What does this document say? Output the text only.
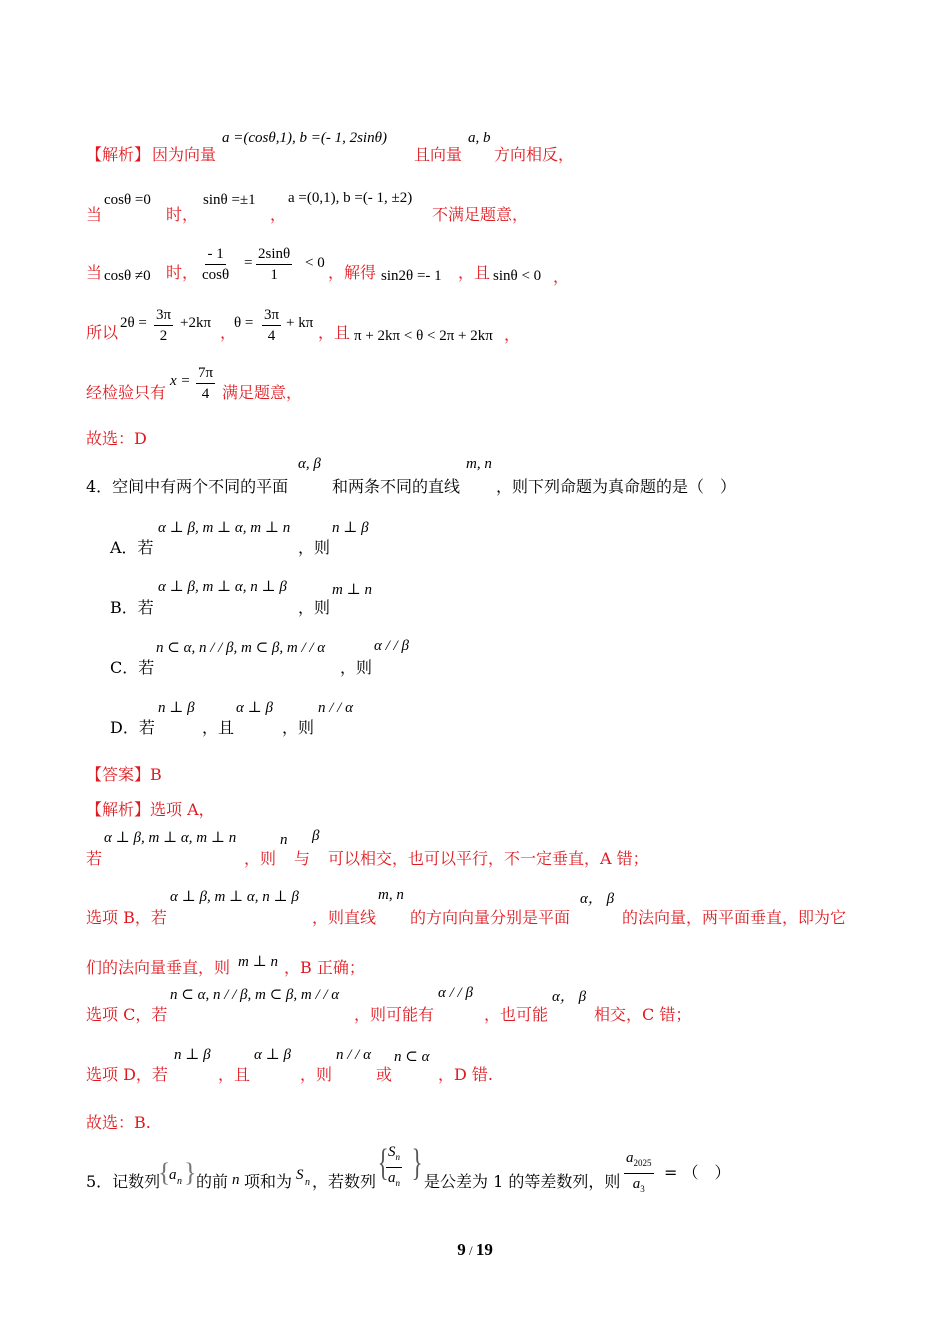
【解析】 因为向量
a =(cosθ,1), b =(- 1, 2sinθ)
且向量
a, b
方向相反，
当
cosθ =0
时，
sinθ =±1
，
a =(0,1), b =(- 1, ±2)
不满足题意，
当 cosθ ≠0 时， $\frac{- 1}{\cos\theta} = \frac{2\sin\theta}{1} < 0$ ，解得 sin2θ =- 1 ，且 sinθ < 0 ，
所以 $2\theta = \frac{3\pi}{2} +2k\pi$ ，
$\theta = \frac{3\pi}{4} + k\pi$ ，且 π + 2kπ < θ < 2π + 2kπ ，
经检验只有
$x = \frac{7\pi}{4}$ 满足题意，
故选：D
4．空间中有两个不同的平面
α, β
和两条不同的直线
m, n
，则下列命题为真命题的是（　）
A．若
α ⊥ β, m ⊥ α, m ⊥ n
，则
n ⊥ β
B．若
α ⊥ β, m ⊥ α, n ⊥ β
，则
m ⊥ n
C．若
n ⊂ α, n / / β, m ⊂ β, m / / α
，则
α / / β
D．若
n ⊥ β
，且
α ⊥ β
，则
n / / α
【答案】B
【解析】选项 A，
若
α ⊥ β, m ⊥ α, m ⊥ n
，则
n
与
β
可以相交，也可以平行，不一定垂直，A 错；
选项 B，若
α ⊥ β, m ⊥ α, n ⊥ β
，则直线
m, n
的方向向量分别是平面
α， β
的法向量，两平面垂直，即为它
们的法向量垂直，则 m ⊥ n ，B 正确；
选项 C，若
n ⊂ α, n / / β, m ⊂ β, m / / α
，则可能有
α / / β
，也可能
α， β
相交，C 错；
选项 D，若
n ⊥ β
，且
α ⊥ β
，则
n / / α
或
n ⊂ α
，D 错.
故选：B.
5．记数列
{
a n } 的前 n 项和为 S n ，若数列 {
$\frac{S_n}{a_n}$ } 是公差为 1 的等差数列，则 $\frac{a_{2025}}{a_3}$ = （　）
9 / 19
